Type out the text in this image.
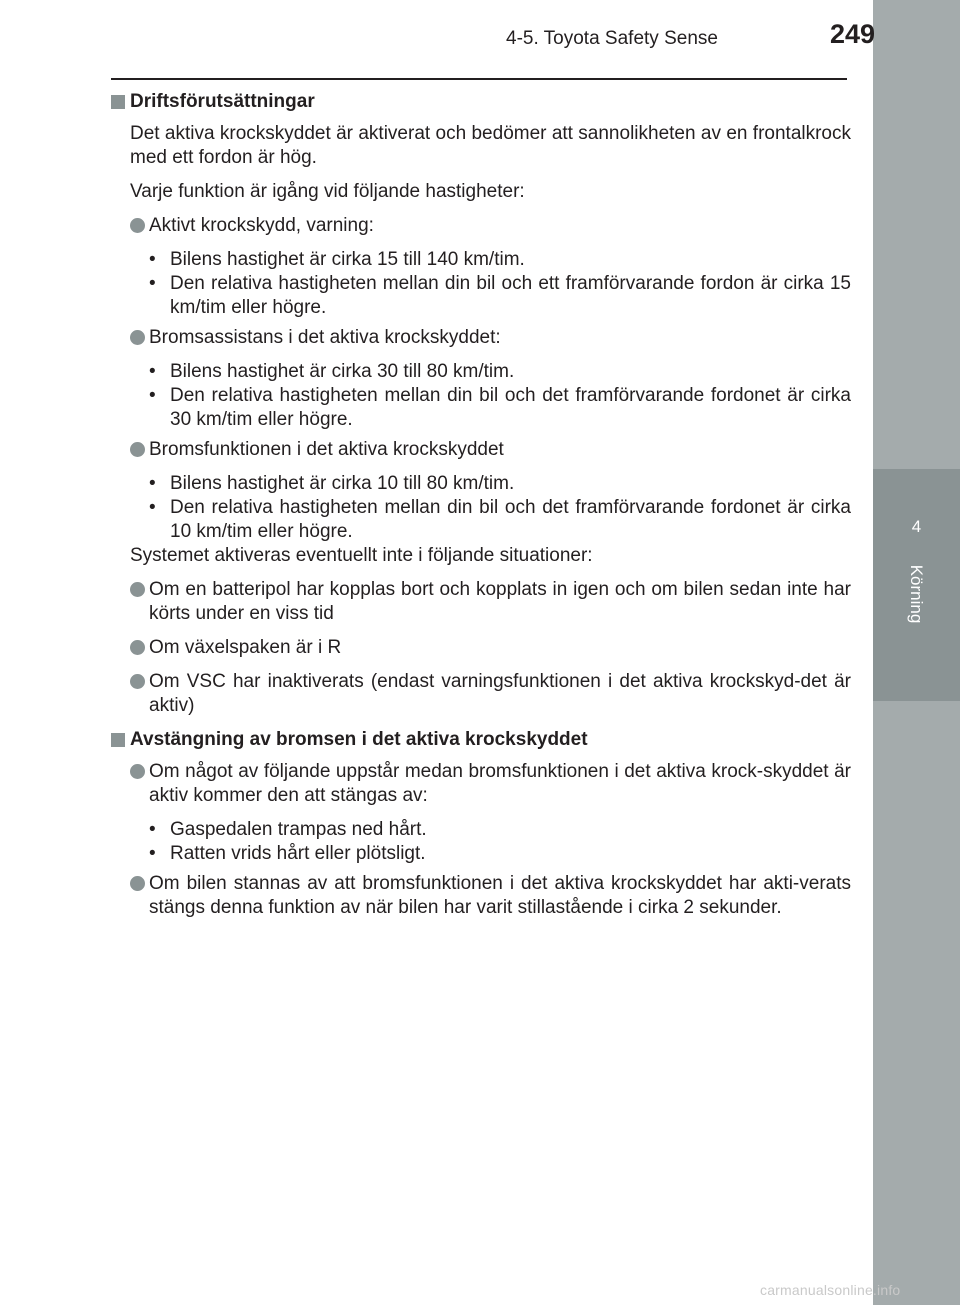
4
Körning
4-5. Toyota Safety Sense	249
Driftsförutsättningar

Det aktiva krockskyddet är aktiverat och bedömer att sannolikheten av en frontalkrock med ett fordon är hög.

Varje funktion är igång vid följande hastigheter:

Aktivt krockskydd, varning:
• Bilens hastighet är cirka 15 till 140 km/tim.
• Den relativa hastigheten mellan din bil och ett framförvarande fordon är cirka 15 km/tim eller högre.
Bromsassistans i det aktiva krockskyddet:
• Bilens hastighet är cirka 30 till 80 km/tim.
• Den relativa hastigheten mellan din bil och det framförvarande fordonet är cirka 30 km/tim eller högre.
Bromsfunktionen i det aktiva krockskyddet
• Bilens hastighet är cirka 10 till 80 km/tim.
• Den relativa hastigheten mellan din bil och det framförvarande fordonet är cirka 10 km/tim eller högre.

Systemet aktiveras eventuellt inte i följande situationer:

Om en batteripol har kopplas bort och kopplats in igen och om bilen sedan inte har körts under en viss tid
Om växelspaken är i R
Om VSC har inaktiverats (endast varningsfunktionen i det aktiva krockskyd-det är aktiv)
Avstängning av bromsen i det aktiva krockskyddet
Om något av följande uppstår medan bromsfunktionen i det aktiva krock-skyddet är aktiv kommer den att stängas av:
• Gaspedalen trampas ned hårt.
• Ratten vrids hårt eller plötsligt.
Om bilen stannas av att bromsfunktionen i det aktiva krockskyddet har akti-verats stängs denna funktion av när bilen har varit stillastående i cirka 2 sekunder.
carmanualsonline.info
